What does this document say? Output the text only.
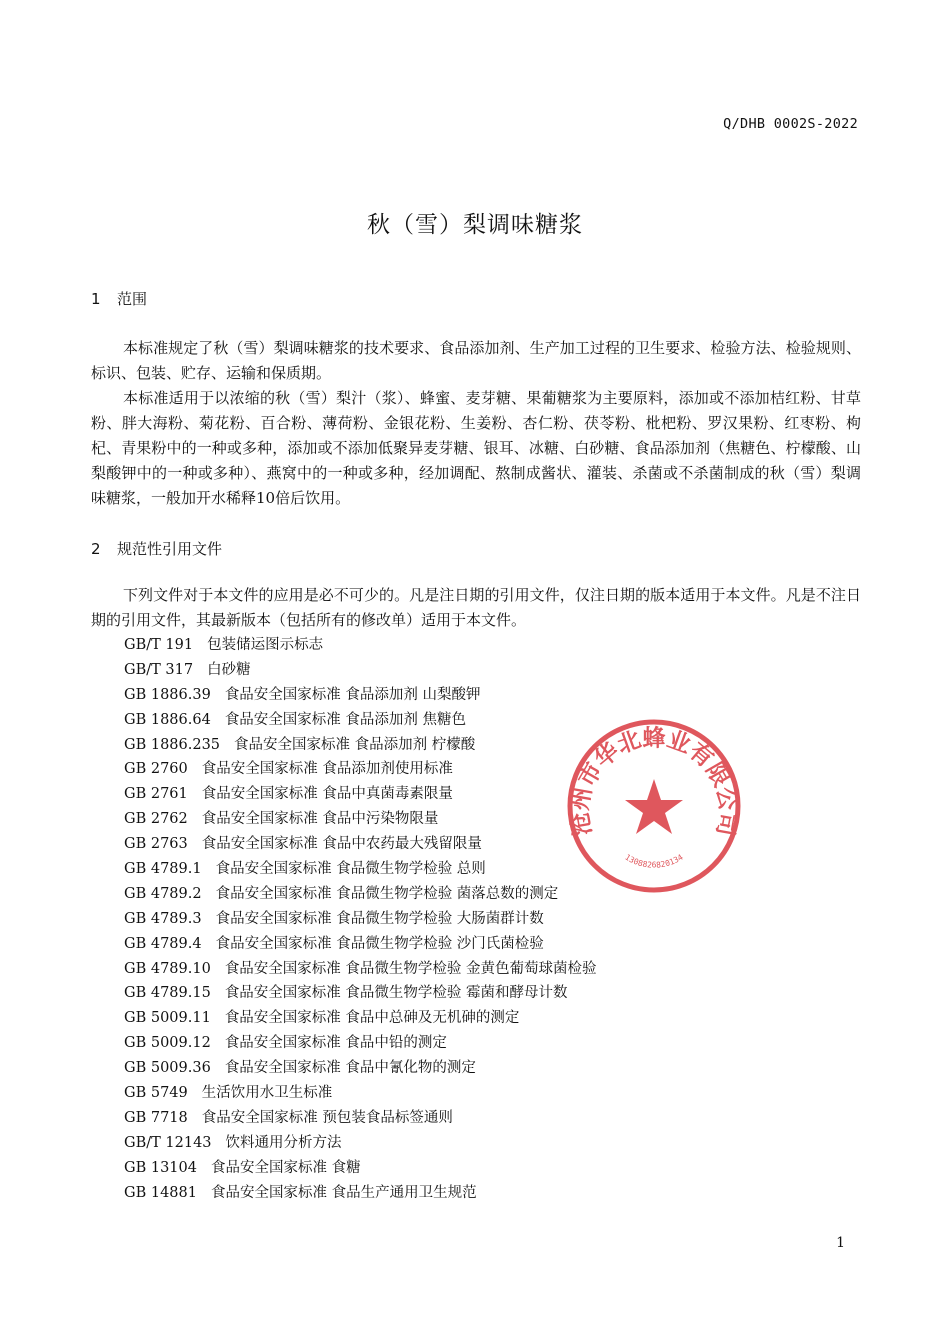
Q/DHB 0002S-2022
秋（雪）梨调味糖浆
1 范围

本标准规定了秋（雪）梨调味糖浆的技术要求、食品添加剂、生产加工过程的卫生要求、检验方法、检验规则、标识、包装、贮存、运输和保质期。

本标准适用于以浓缩的秋（雪）梨汁（浆）、蜂蜜、麦芽糖、果葡糖浆为主要原料，添加或不添加桔红粉、甘草粉、胖大海粉、菊花粉、百合粉、薄荷粉、金银花粉、生姜粉、杏仁粉、茯苓粉、枇杷粉、罗汉果粉、红枣粉、枸杞、青果粉中的一种或多种，添加或不添加低聚异麦芽糖、银耳、冰糖、白砂糖、食品添加剂（焦糖色、柠檬酸、山梨酸钾中的一种或多种）、燕窝中的一种或多种，经加调配、熬制成酱状、灌装、杀菌或不杀菌制成的秋（雪）梨调味糖浆，一般加开水稀释10倍后饮用。

2 规范性引用文件

下列文件对于本文件的应用是必不可少的。凡是注日期的引用文件，仅注日期的版本适用于本文件。凡是不注日期的引用文件，其最新版本（包括所有的修改单）适用于本文件。

GB/T 191 包装储运图示标志
GB/T 317 白砂糖
GB 1886.39 食品安全国家标准 食品添加剂 山梨酸钾
GB 1886.64 食品安全国家标准 食品添加剂 焦糖色
GB 1886.235 食品安全国家标准 食品添加剂 柠檬酸
GB 2760 食品安全国家标准 食品添加剂使用标准
GB 2761 食品安全国家标准 食品中真菌毒素限量
GB 2762 食品安全国家标准 食品中污染物限量
GB 2763 食品安全国家标准 食品中农药最大残留限量
GB 4789.1 食品安全国家标准 食品微生物学检验 总则
GB 4789.2 食品安全国家标准 食品微生物学检验 菌落总数的测定
GB 4789.3 食品安全国家标准 食品微生物学检验 大肠菌群计数
GB 4789.4 食品安全国家标准 食品微生物学检验 沙门氏菌检验
GB 4789.10 食品安全国家标准 食品微生物学检验 金黄色葡萄球菌检验
GB 4789.15 食品安全国家标准 食品微生物学检验 霉菌和酵母计数
GB 5009.11 食品安全国家标准 食品中总砷及无机砷的测定
GB 5009.12 食品安全国家标准 食品中铅的测定
GB 5009.36 食品安全国家标准 食品中氰化物的测定
GB 5749 生活饮用水卫生标准
GB 7718 食品安全国家标准 预包装食品标签通则
GB/T 12143 饮料通用分析方法
GB 13104 食品安全国家标准 食糖
GB 14881 食品安全国家标准 食品生产通用卫生规范
沧州市华北蜂业有限公司
1308826820134
1
